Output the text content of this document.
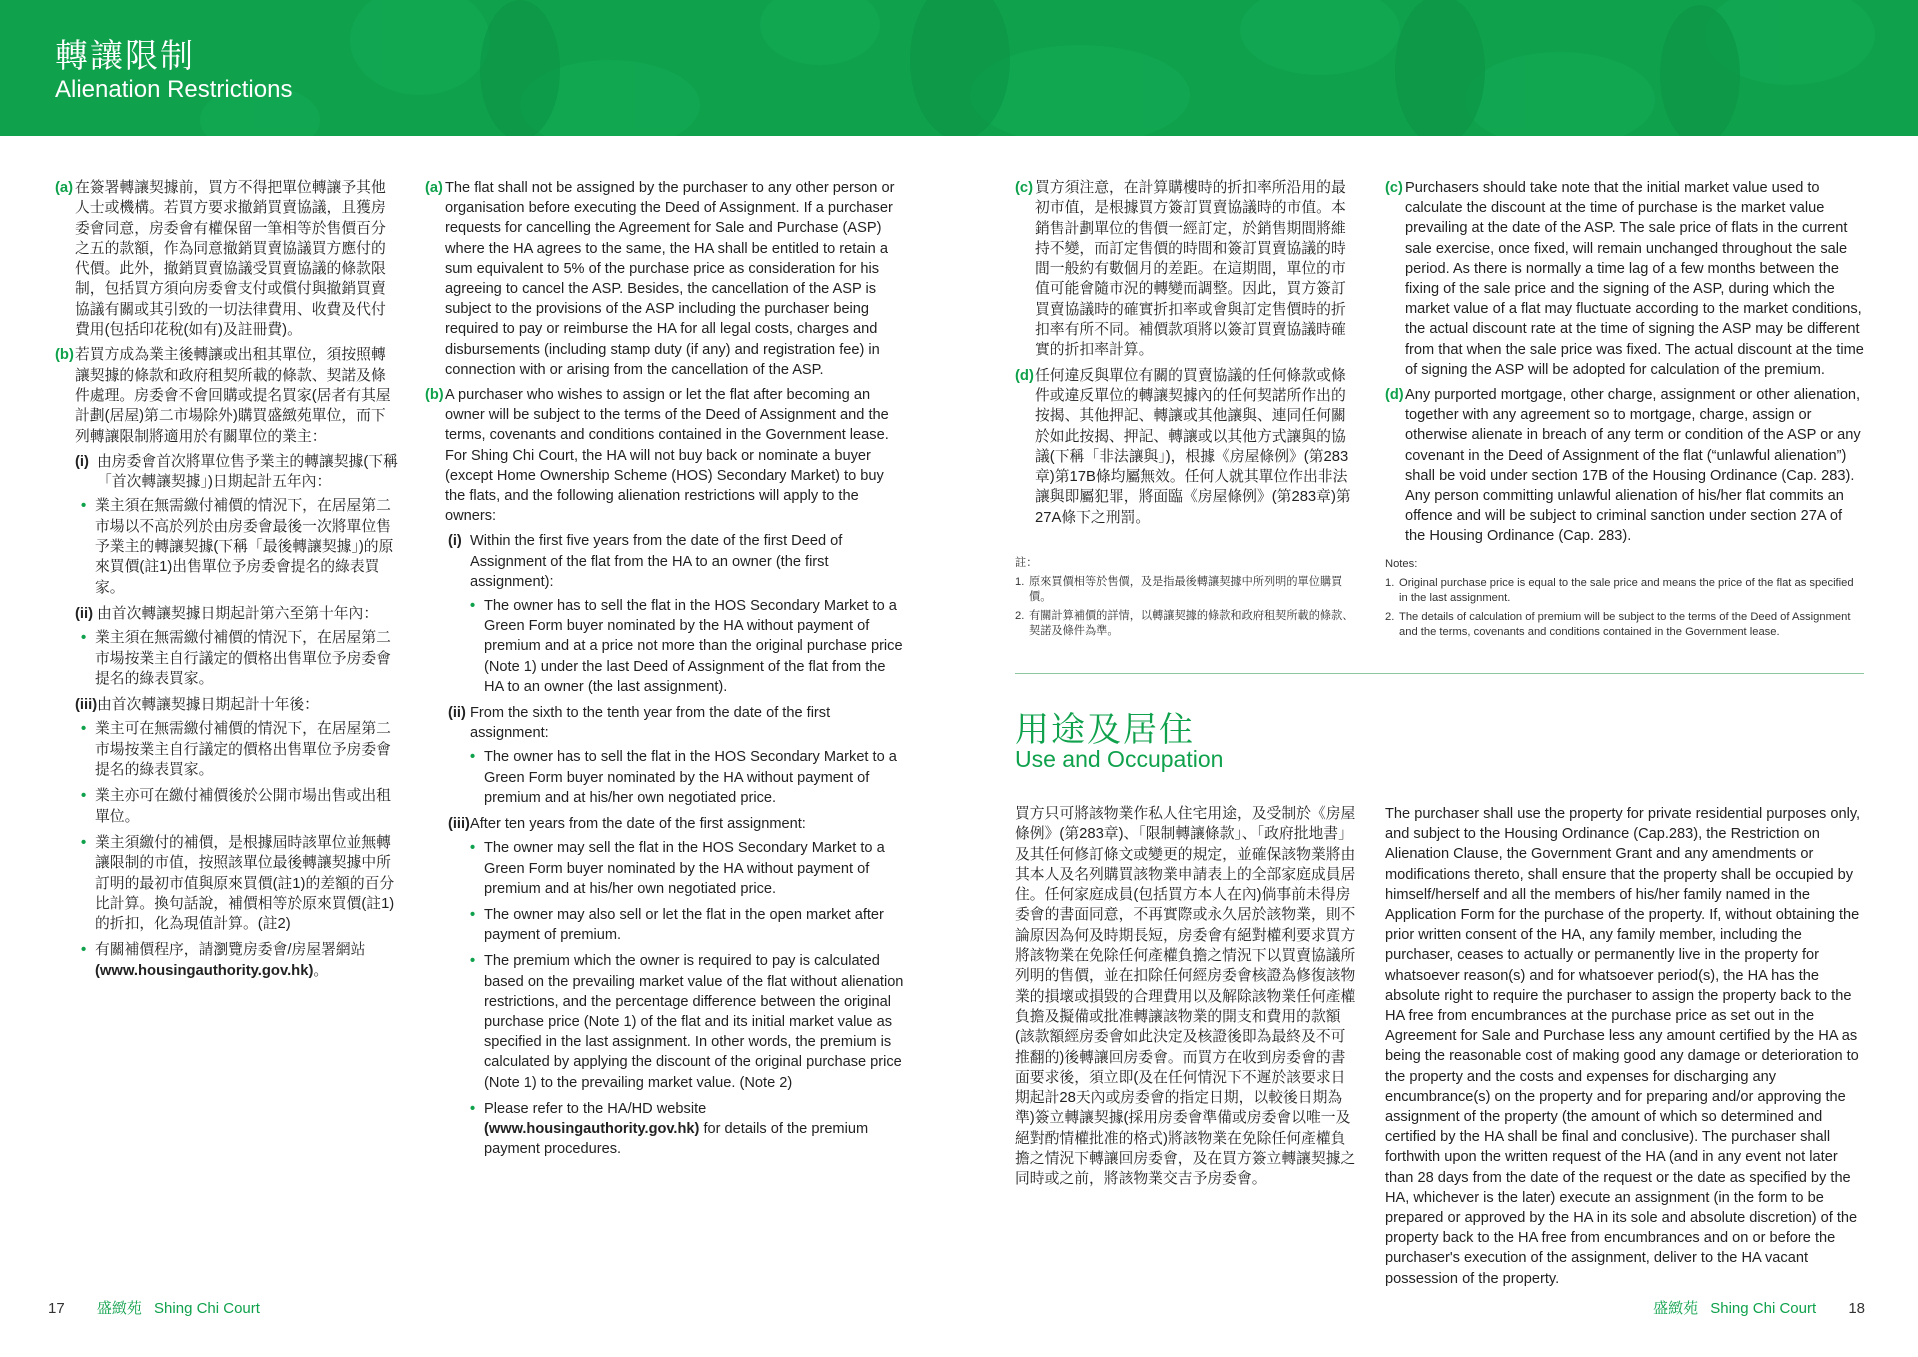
轉讓限制
Alienation Restrictions
(a) 在簽署轉讓契據前，買方不得把單位轉讓予其他人士或機構。若買方要求撤銷買賣協議，且獲房委會同意，房委會有權保留一筆相等於售價百分之五的款額，作為同意撤銷買賣協議買方應付的代價。此外，撤銷買賣協議受買賣協議的條款限制，包括買方須向房委會支付或償付與撤銷買賣協議有關或其引致的一切法律費用、收費及代付費用(包括印花稅(如有)及註冊費)。
(b) 若買方成為業主後轉讓或出租其單位，須按照轉讓契據的條款和政府租契所載的條款、契諾及條件處理。房委會不會回購或提名買家(居者有其屋計劃(居屋)第二市場除外)購買盛緻苑單位，而下列轉讓限制將適用於有關單位的業主：
(i) 由房委會首次將單位售予業主的轉讓契據(下稱「首次轉讓契據」)日期起計五年內：
• 業主須在無需繳付補價的情況下，在居屋第二市場以不高於列於由房委會最後一次將單位售予業主的轉讓契據(下稱「最後轉讓契據」)的原來買價(註1)出售單位予房委會提名的綠表買家。
(ii) 由首次轉讓契據日期起計第六至第十年內：
• 業主須在無需繳付補價的情況下，在居屋第二市場按業主自行議定的價格出售單位予房委會提名的綠表買家。
(iii) 由首次轉讓契據日期起計十年後：
• 業主可在無需繳付補價的情況下，在居屋第二市場按業主自行議定的價格出售單位予房委會提名的綠表買家。
• 業主亦可在繳付補價後於公開市場出售或出租單位。
• 業主須繳付的補價，是根據屆時該單位並無轉讓限制的市值，按照該單位最後轉讓契據中所訂明的最初市值與原來買價(註1)的差額的百分比計算。換句話說，補價相等於原來買價(註1)的折扣，化為現值計算。(註2)
• 有關補價程序，請瀏覽房委會/房屋署網站(www.housingauthority.gov.hk)。
(a) The flat shall not be assigned by the purchaser to any other person or organisation before executing the Deed of Assignment. If a purchaser requests for cancelling the Agreement for Sale and Purchase (ASP) where the HA agrees to the same, the HA shall be entitled to retain a sum equivalent to 5% of the purchase price as consideration for his agreeing to cancel the ASP. Besides, the cancellation of the ASP is subject to the provisions of the ASP including the purchaser being required to pay or reimburse the HA for all legal costs, charges and disbursements (including stamp duty (if any) and registration fee) in connection with or arising from the cancellation of the ASP.
(b) A purchaser who wishes to assign or let the flat after becoming an owner will be subject to the terms of the Deed of Assignment and the terms, covenants and conditions contained in the Government lease. For Shing Chi Court, the HA will not buy back or nominate a buyer (except Home Ownership Scheme (HOS) Secondary Market) to buy the flats, and the following alienation restrictions will apply to the owners:
(i) Within the first five years from the date of the first Deed of Assignment of the flat from the HA to an owner (the first assignment):
• The owner has to sell the flat in the HOS Secondary Market to a Green Form buyer nominated by the HA without payment of premium and at a price not more than the original purchase price (Note 1) under the last Deed of Assignment of the flat from the HA to an owner (the last assignment).
(ii) From the sixth to the tenth year from the date of the first assignment:
• The owner has to sell the flat in the HOS Secondary Market to a Green Form buyer nominated by the HA without payment of premium and at his/her own negotiated price.
(iii) After ten years from the date of the first assignment:
• The owner may sell the flat in the HOS Secondary Market to a Green Form buyer nominated by the HA without payment of premium and at his/her own negotiated price.
• The owner may also sell or let the flat in the open market after payment of premium.
• The premium which the owner is required to pay is calculated based on the prevailing market value of the flat without alienation restrictions, and the percentage difference between the original purchase price (Note 1) of the flat and its initial market value as specified in the last assignment. In other words, the premium is calculated by applying the discount of the original purchase price (Note 1) to the prevailing market value. (Note 2)
• Please refer to the HA/HD website (www.housingauthority.gov.hk) for details of the premium payment procedures.
(c) 買方須注意，在計算購樓時的折扣率所沿用的最初市值，是根據買方簽訂買賣協議時的市值。本銷售計劃單位的售價一經訂定，於銷售期間將維持不變，而訂定售價的時間和簽訂買賣協議的時間一般約有數個月的差距。在這期間，單位的市值可能會隨市況的轉變而調整。因此，買方簽訂買賣協議時的確實折扣率或會與訂定售價時的折扣率有所不同。補價款項將以簽訂買賣協議時確實的折扣率計算。
(d) 任何違反與單位有關的買賣協議的任何條款或條件或違反單位的轉讓契據內的任何契諾所作出的按揭、其他押記、轉讓或其他讓與、連同任何關於如此按揭、押記、轉讓或以其他方式讓與的協議(下稱「非法讓與」)，根據《房屋條例》(第283章)第17B條均屬無效。任何人就其單位作出非法讓與即屬犯罪，將面臨《房屋條例》(第283章)第27A條下之刑罰。
註：
1. 原來買價相等於售價，及是指最後轉讓契據中所列明的單位購買價。
2. 有關計算補價的詳情，以轉讓契據的條款和政府租契所載的條款、契諾及條件為準。
(c) Purchasers should take note that the initial market value used to calculate the discount at the time of purchase is the market value prevailing at the date of the ASP. The sale price of flats in the current sale exercise, once fixed, will remain unchanged throughout the sale period. As there is normally a time lag of a few months between the fixing of the sale price and the signing of the ASP, during which the market value of a flat may fluctuate according to the market conditions, the actual discount rate at the time of signing the ASP may be different from that when the sale price was fixed. The actual discount at the time of signing the ASP will be adopted for calculation of the premium.
(d) Any purported mortgage, other charge, assignment or other alienation, together with any agreement so to mortgage, charge, assign or otherwise alienate in breach of any term or condition of the ASP or any covenant in the Deed of Assignment of the flat (“unlawful alienation”) shall be void under section 17B of the Housing Ordinance (Cap. 283). Any person committing unlawful alienation of his/her flat commits an offence and will be subject to criminal sanction under section 27A of the Housing Ordinance (Cap. 283).
Notes:
1. Original purchase price is equal to the sale price and means the price of the flat as specified in the last assignment.
2. The details of calculation of premium will be subject to the terms of the Deed of Assignment and the terms, covenants and conditions contained in the Government lease.
用途及居住
Use and Occupation

買方只可將該物業作私人住宅用途，及受制於《房屋條例》(第283章)、「限制轉讓條款」、「政府批地書」及其任何修訂條文或變更的規定，並確保該物業將由其本人及名列購買該物業申請表上的全部家庭成員居住。任何家庭成員(包括買方本人在內)倘事前未得房委會的書面同意，不再實際或永久居於該物業，則不論原因為何及時期長短，房委會有絕對權利要求買方將該物業在免除任何產權負擔之情況下以買賣協議所列明的售價，並在扣除任何經房委會核證為修復該物業的損壞或損毀的合理費用以及解除該物業任何產權負擔及擬備或批准轉讓該物業的開支和費用的款額(該款額經房委會如此決定及核證後即為最終及不可推翻的)後轉讓回房委會。而買方在收到房委會的書面要求後，須立即(及在任何情況下不遲於該要求日期起計28天內或房委會的指定日期，以較後日期為準)簽立轉讓契據(採用房委會準備或房委會以唯一及絕對酌情權批准的格式)將該物業在免除任何產權負擔之情況下轉讓回房委會，及在買方簽立轉讓契據之同時或之前，將該物業交吉予房委會。

The purchaser shall use the property for private residential purposes only, and subject to the Housing Ordinance (Cap.283), the Restriction on Alienation Clause, the Government Grant and any amendments or modifications thereto, shall ensure that the property shall be occupied by himself/herself and all the members of his/her family named in the Application Form for the purchase of the property. If, without obtaining the prior written consent of the HA, any family member, including the purchaser, ceases to actually or permanently live in the property for whatsoever reason(s) and for whatsoever period(s), the HA has the absolute right to require the purchaser to assign the property back to the HA free from encumbrances at the purchase price as set out in the Agreement for Sale and Purchase less any amount certified by the HA as being the reasonable cost of making good any damage or deterioration to the property and the costs and expenses for discharging any encumbrance(s) on the property and for preparing and/or approving the assignment of the property (the amount of which so determined and certified by the HA shall be final and conclusive). The purchaser shall forthwith upon the written request of the HA (and in any event not later than 28 days from the date of the request or the date as specified by the HA, whichever is the later) execute an assignment (in the form to be prepared or approved by the HA in its sole and absolute discretion) of the property back to the HA free from encumbrances and on or before the purchaser's execution of the assignment, deliver to the HA vacant possession of the property.

17 盛緻苑 Shing Chi Court	盛緻苑 Shing Chi Court 18
